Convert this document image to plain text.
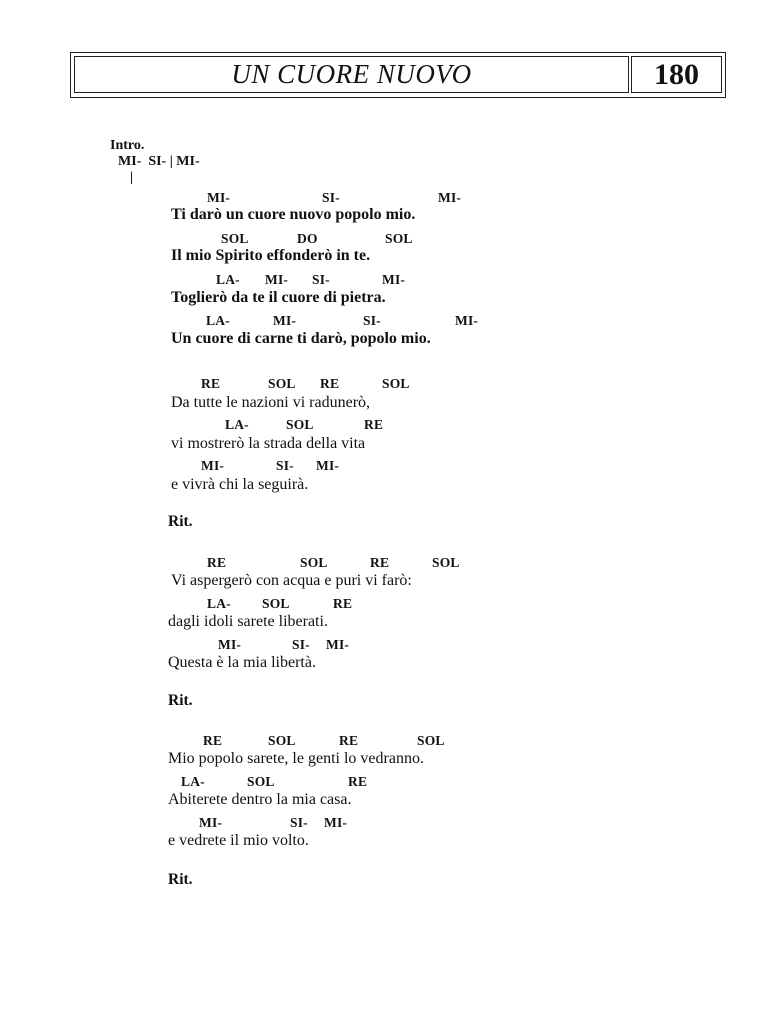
UN CUORE NUOVO	180

Intro.
MI-  SI- | MI-
|

MI-	SI-	MI-
Ti darò un cuore nuovo popolo mio.
SOL	DO	SOL
Il mio Spirito effonderò in te.
LA- MI- SI-	MI-
Toglierò da te il cuore di pietra.
LA-	MI-	SI-	MI-
Un cuore di carne ti darò, popolo mio.
RE	SOL RE	SOL
Da tutte le nazioni vi radunerò,
LA-	SOL	RE
vi mostrerò la strada della vita
MI-	SI- MI-
e vivrà chi la seguirà.
Rit.
RE	SOL	RE	SOL
Vi aspergerò con acqua e puri vi farò:
LA- SOL	RE
dagli idoli sarete liberati.
MI-	SI- MI-
Questa è la mia libertà.
Rit.
RE	SOL	RE	SOL
Mio popolo sarete, le genti lo vedranno.
LA-	SOL	RE
Abiterete dentro la mia casa.
MI-	SI- MI-
e vedrete il mio volto.
Rit.
